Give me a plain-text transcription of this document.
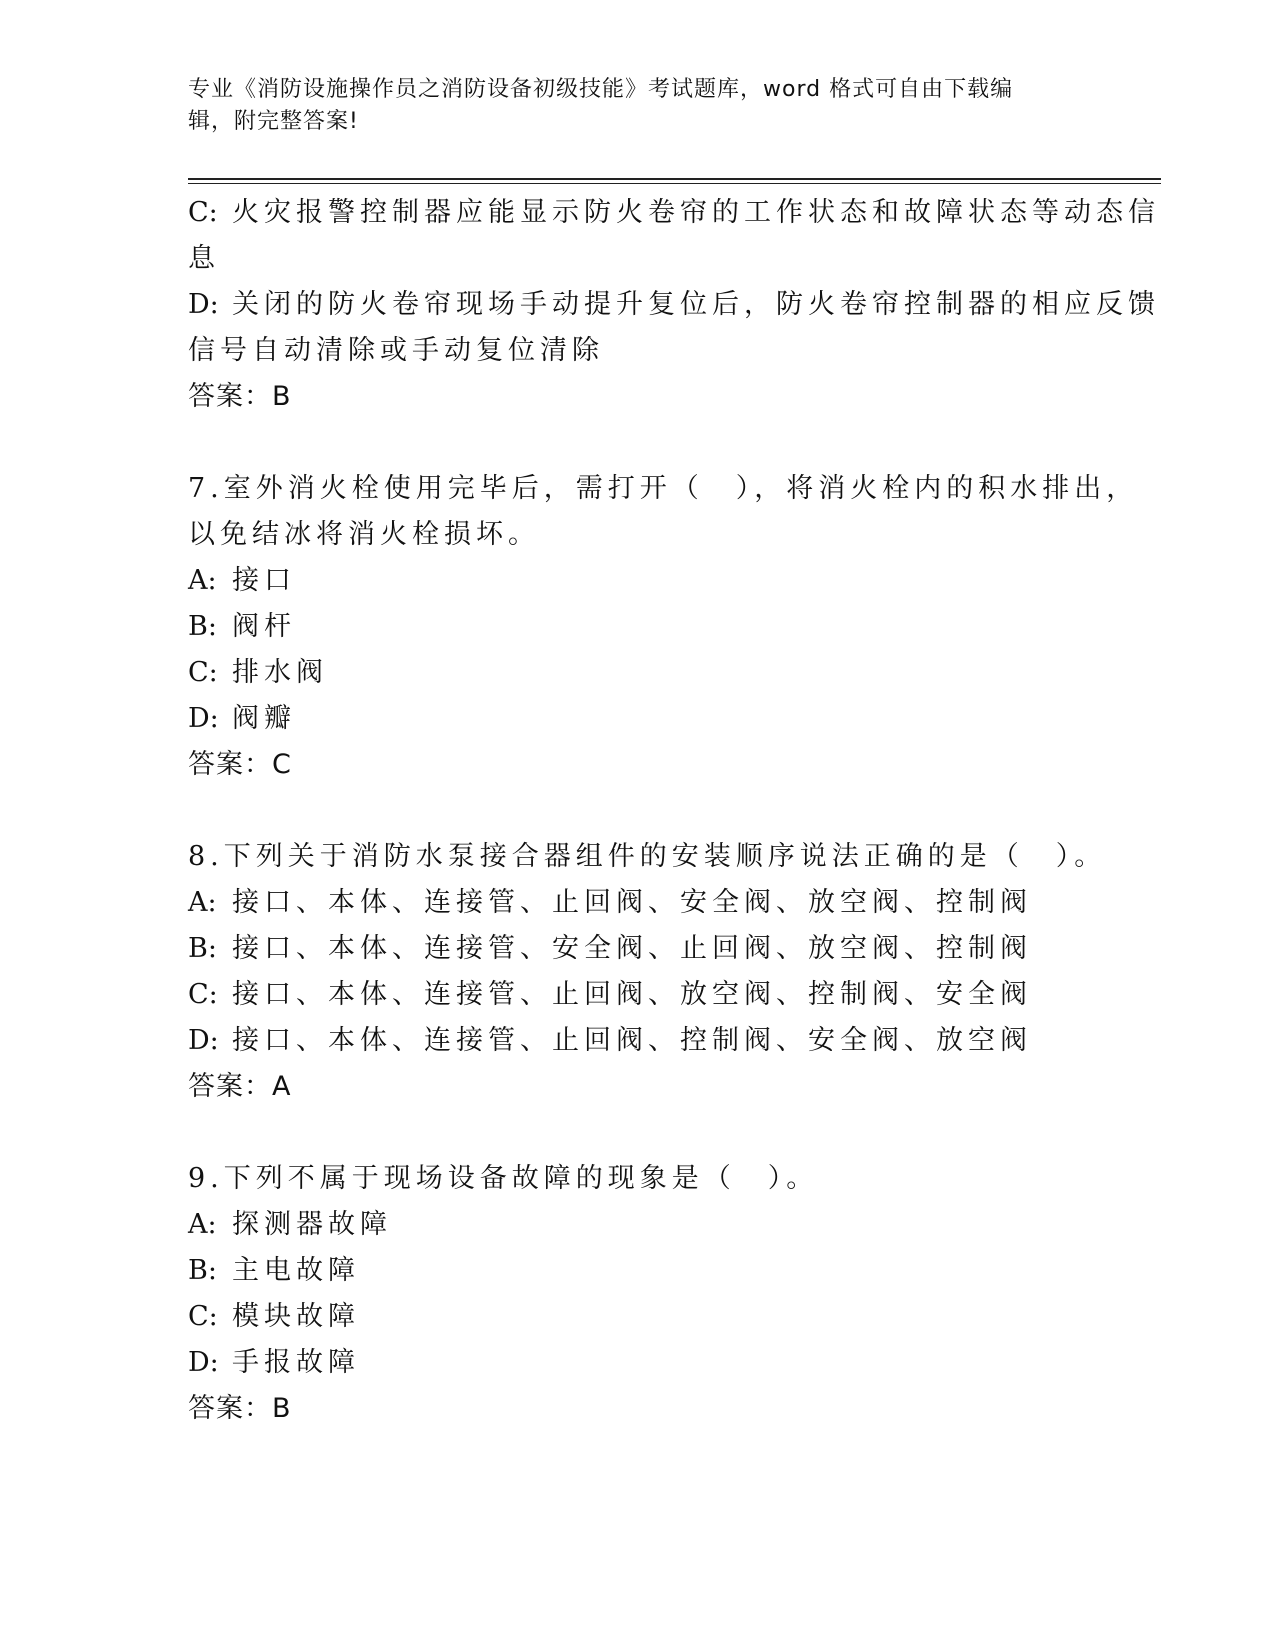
专业《消防设施操作员之消防设备初级技能》考试题库，word 格式可自由下载编
辑，附完整答案!
C: 火灾报警控制器应能显示防火卷帘的工作状态和故障状态等动态信
息
D: 关闭的防火卷帘现场手动提升复位后，防火卷帘控制器的相应反馈
信号自动清除或手动复位清除
答案：B
7.室外消火栓使用完毕后，需打开（　），将消火栓内的积水排出，
以免结冰将消火栓损坏。
A: 接口
B: 阀杆
C: 排水阀
D: 阀瓣
答案：C
8.下列关于消防水泵接合器组件的安装顺序说法正确的是（　）。
A: 接口、本体、连接管、止回阀、安全阀、放空阀、控制阀
B: 接口、本体、连接管、安全阀、止回阀、放空阀、控制阀
C: 接口、本体、连接管、止回阀、放空阀、控制阀、安全阀
D: 接口、本体、连接管、止回阀、控制阀、安全阀、放空阀
答案：A
9.下列不属于现场设备故障的现象是（　）。
A: 探测器故障
B: 主电故障
C: 模块故障
D: 手报故障
答案：B
